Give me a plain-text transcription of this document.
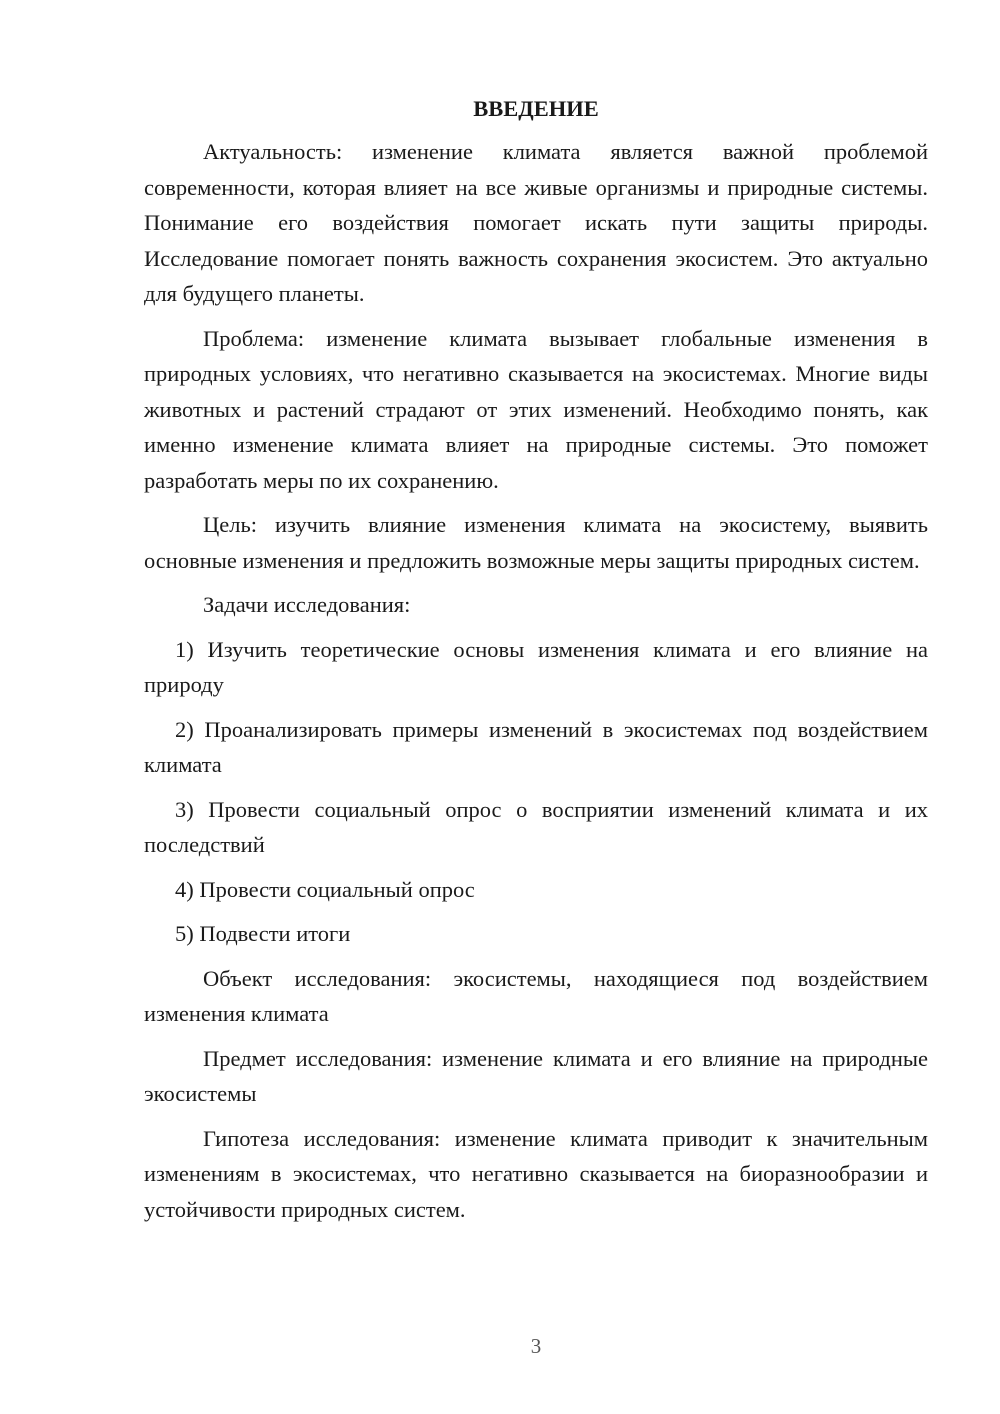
ВВЕДЕНИЕ

Актуальность: изменение климата является важной проблемой современности, которая влияет на все живые организмы и природные системы. Понимание его воздействия помогает искать пути защиты природы. Исследование помогает понять важность сохранения экосистем. Это актуально для будущего планеты.

Проблема: изменение климата вызывает глобальные изменения в природных условиях, что негативно сказывается на экосистемах. Многие виды животных и растений страдают от этих изменений. Необходимо понять, как именно изменение климата влияет на природные системы. Это поможет разработать меры по их сохранению.

Цель: изучить влияние изменения климата на экосистему, выявить основные изменения и предложить возможные меры защиты природных систем.

Задачи исследования:

1) Изучить теоретические основы изменения климата и его влияние на природу

2) Проанализировать примеры изменений в экосистемах под воздействием климата

3) Провести социальный опрос о восприятии изменений климата и их последствий

4) Провести социальный опрос

5) Подвести итоги

Объект исследования: экосистемы, находящиеся под воздействием изменения климата

Предмет исследования: изменение климата и его влияние на природные экосистемы

Гипотеза исследования: изменение климата приводит к значительным изменениям в экосистемах, что негативно сказывается на биоразнообразии и устойчивости природных систем.

3
